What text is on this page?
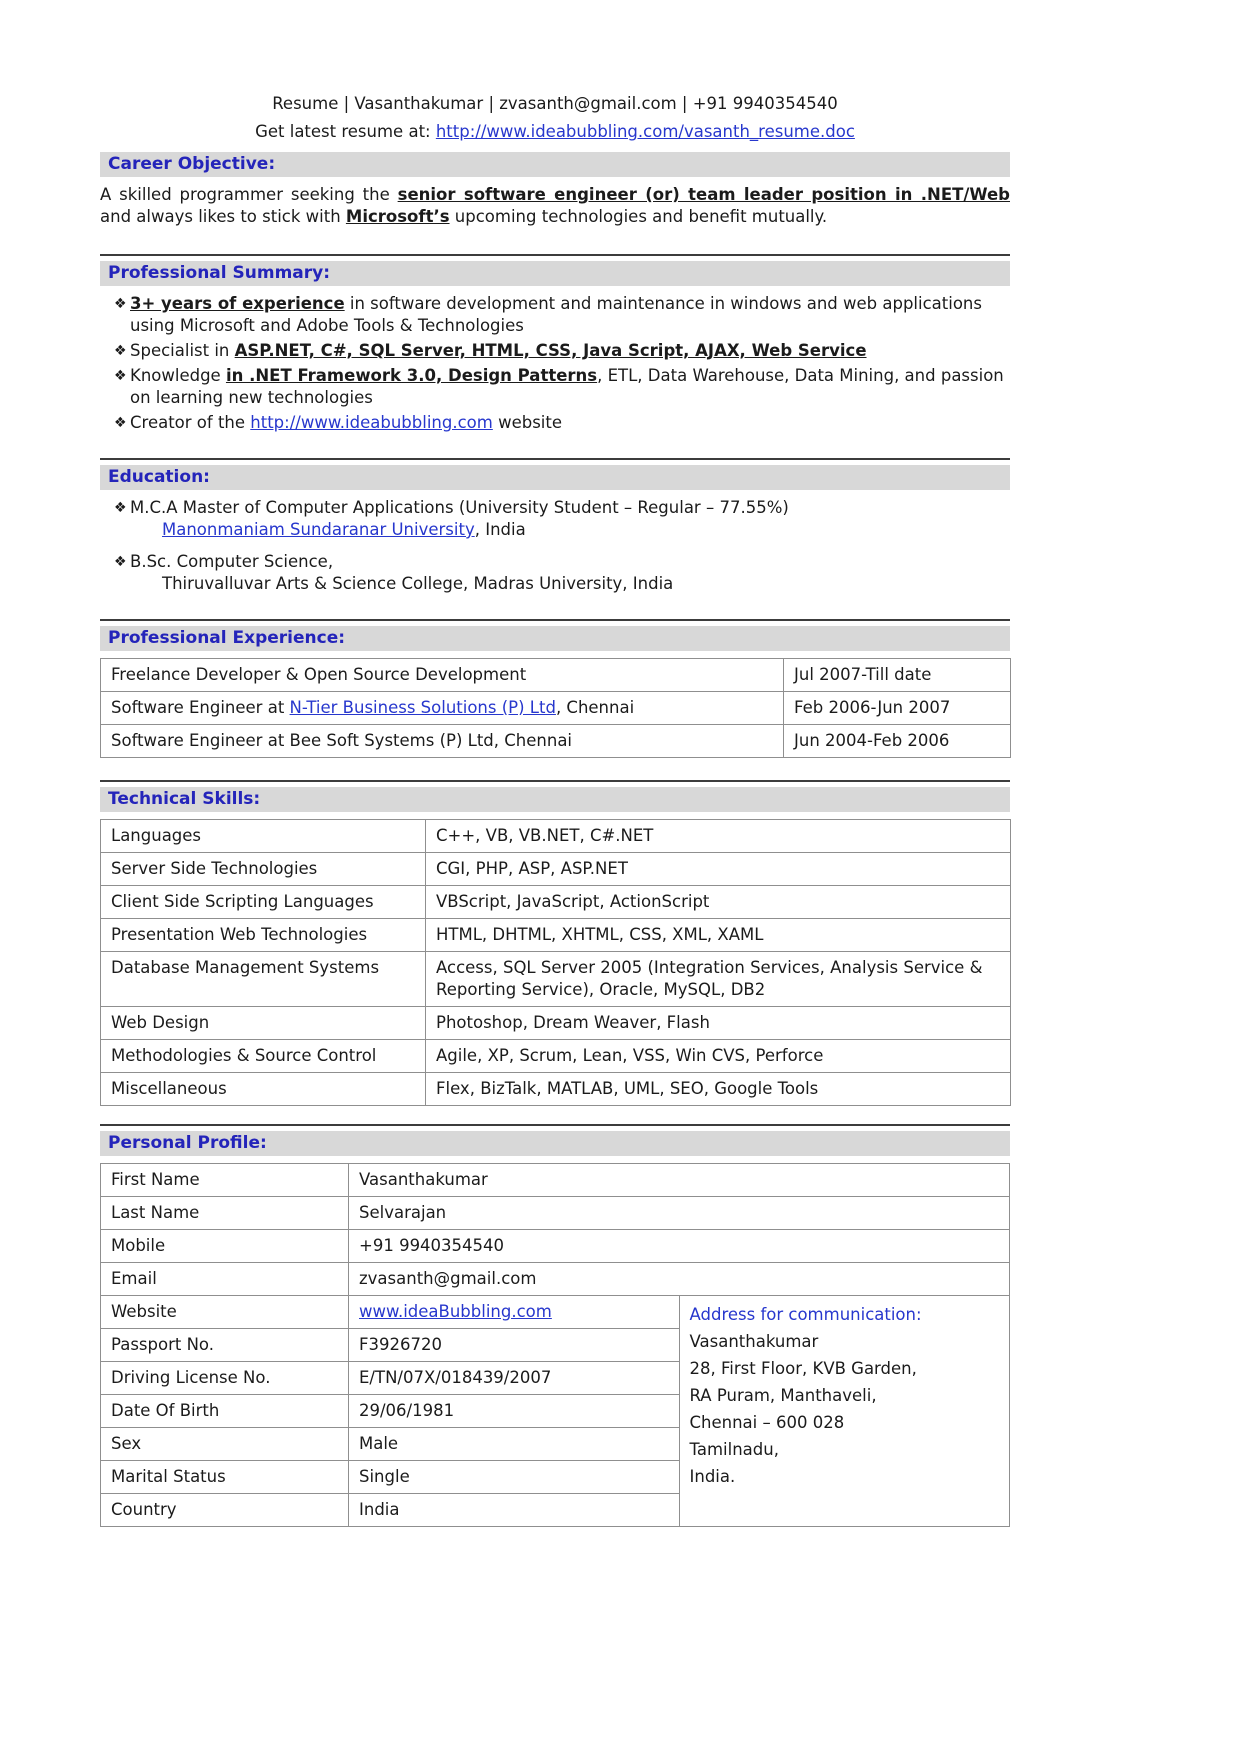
Resume | Vasanthakumar | zvasanth@gmail.com | +91 9940354540
Get latest resume at: http://www.ideabubbling.com/vasanth_resume.doc
Career Objective:

A skilled programmer seeking the senior software engineer (or) team leader position in .NET/Web and always likes to stick with Microsoft’s upcoming technologies and benefit mutually.

Professional Summary:
❖ 3+ years of experience in software development and maintenance in windows and web applications using Microsoft and Adobe Tools & Technologies
❖ Specialist in ASP.NET, C#, SQL Server, HTML, CSS, Java Script, AJAX, Web Service
❖ Knowledge in .NET Framework 3.0, Design Patterns, ETL, Data Warehouse, Data Mining, and passion on learning new technologies
❖ Creator of the http://www.ideabubbling.com website
Education:
❖ M.C.A Master of Computer Applications (University Student – Regular – 77.55%)
Manonmaniam Sundaranar University, India
❖ B.Sc. Computer Science,
Thiruvalluvar Arts & Science College, Madras University, India
Professional Experience:
Freelance Developer & Open Source Development	Jul 2007-Till date
Software Engineer at N-Tier Business Solutions (P) Ltd, Chennai	Feb 2006-Jun 2007
Software Engineer at Bee Soft Systems (P) Ltd, Chennai	Jun 2004-Feb 2006
Technical Skills:
Languages	C++, VB, VB.NET, C#.NET
Server Side Technologies	CGI, PHP, ASP, ASP.NET
Client Side Scripting Languages	VBScript, JavaScript, ActionScript
Presentation Web Technologies	HTML, DHTML, XHTML, CSS, XML, XAML
Database Management Systems	Access, SQL Server 2005 (Integration Services, Analysis Service & Reporting Service), Oracle, MySQL, DB2
Web Design	Photoshop, Dream Weaver, Flash
Methodologies & Source Control	Agile, XP, Scrum, Lean, VSS, Win CVS, Perforce
Miscellaneous	Flex, BizTalk, MATLAB, UML, SEO, Google Tools
Personal Profile:
First Name	Vasanthakumar	
Last Name	Selvarajan	
Mobile	+91 9940354540	
Email	zvasanth@gmail.com	
Website	www.ideaBubbling.com	Address for communication:
Vasanthakumar
28, First Floor, KVB Garden,
RA Puram, Manthaveli,
Chennai – 600 028
Tamilnadu,
India.

Passport No.	F3926720	
Driving License No.	E/TN/07X/018439/2007	
Date Of Birth	29/06/1981	
Sex	Male	
Marital Status	Single	
Country	India	
